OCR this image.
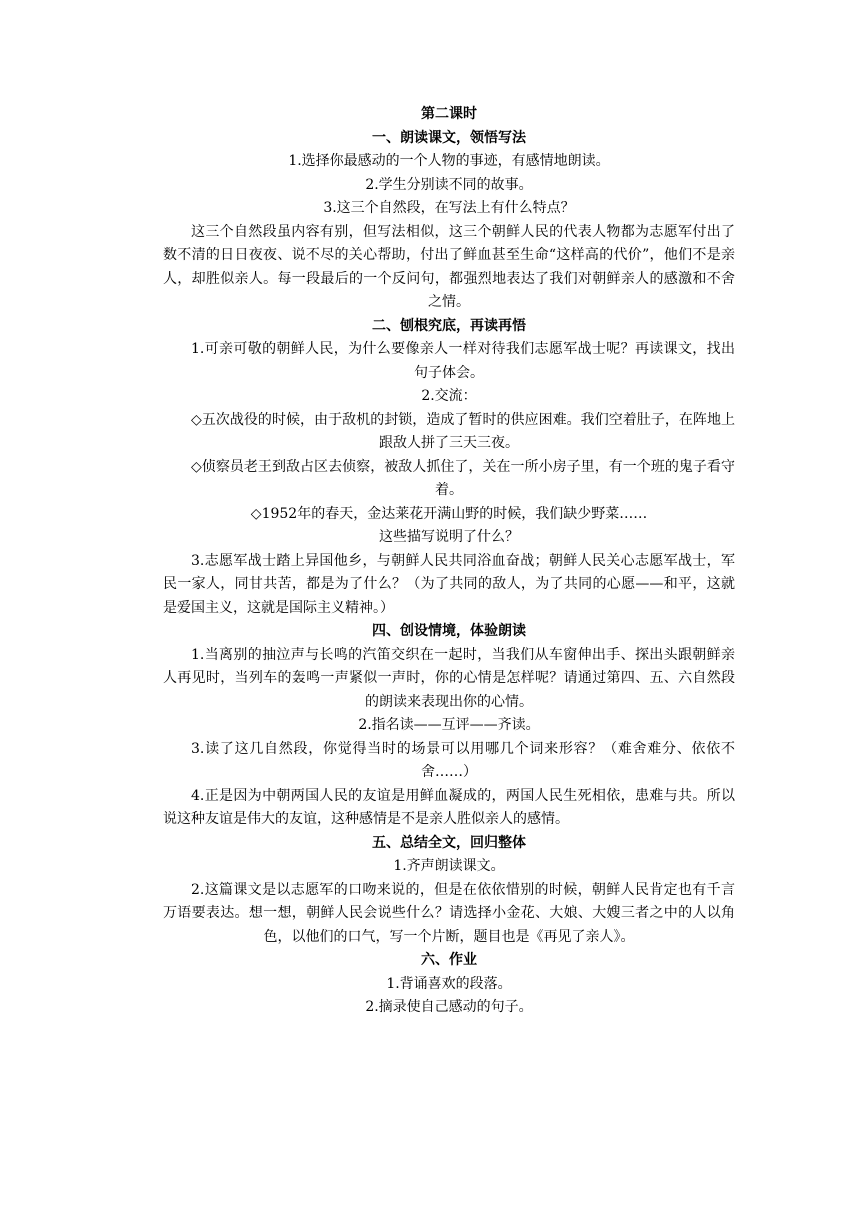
第二课时
一、朗读课文，领悟写法
1.选择你最感动的一个人物的事迹，有感情地朗读。
2.学生分别读不同的故事。
3.这三个自然段，在写法上有什么特点？
这三个自然段虽内容有别，但写法相似，这三个朝鲜人民的代表人物都为志愿军付出了数不清的日日夜夜、说不尽的关心帮助，付出了鲜血甚至生命“这样高的代价”，他们不是亲人，却胜似亲人。每一段最后的一个反问句，都强烈地表达了我们对朝鲜亲人的感激和不舍之情。
二、刨根究底，再读再悟
1.可亲可敬的朝鲜人民，为什么要像亲人一样对待我们志愿军战士呢？再读课文，找出句子体会。
2.交流：
◇五次战役的时候，由于敌机的封锁，造成了暂时的供应困难。我们空着肚子，在阵地上跟敌人拼了三天三夜。
◇侦察员老王到敌占区去侦察，被敌人抓住了，关在一所小房子里，有一个班的鬼子看守着。
◇1952年的春天，金达莱花开满山野的时候，我们缺少野菜……
这些描写说明了什么？
3.志愿军战士踏上异国他乡，与朝鲜人民共同浴血奋战；朝鲜人民关心志愿军战士，军民一家人，同甘共苦，都是为了什么？（为了共同的敌人，为了共同的心愿——和平，这就是爱国主义，这就是国际主义精神。）
四、创设情境，体验朗读
1.当离别的抽泣声与长鸣的汽笛交织在一起时，当我们从车窗伸出手、探出头跟朝鲜亲人再见时，当列车的轰鸣一声紧似一声时，你的心情是怎样呢？请通过第四、五、六自然段的朗读来表现出你的心情。
2.指名读——互评——齐读。
3.读了这几自然段，你觉得当时的场景可以用哪几个词来形容？（难舍难分、依依不舍……）
4.正是因为中朝两国人民的友谊是用鲜血凝成的，两国人民生死相依，患难与共。所以说这种友谊是伟大的友谊，这种感情是不是亲人胜似亲人的感情。
五、总结全文，回归整体
1.齐声朗读课文。
2.这篇课文是以志愿军的口吻来说的，但是在依依惜别的时候，朝鲜人民肯定也有千言万语要表达。想一想，朝鲜人民会说些什么？请选择小金花、大娘、大嫂三者之中的人以角色，以他们的口气，写一个片断，题目也是《再见了亲人》。
六、作业
1.背诵喜欢的段落。
2.摘录使自己感动的句子。
